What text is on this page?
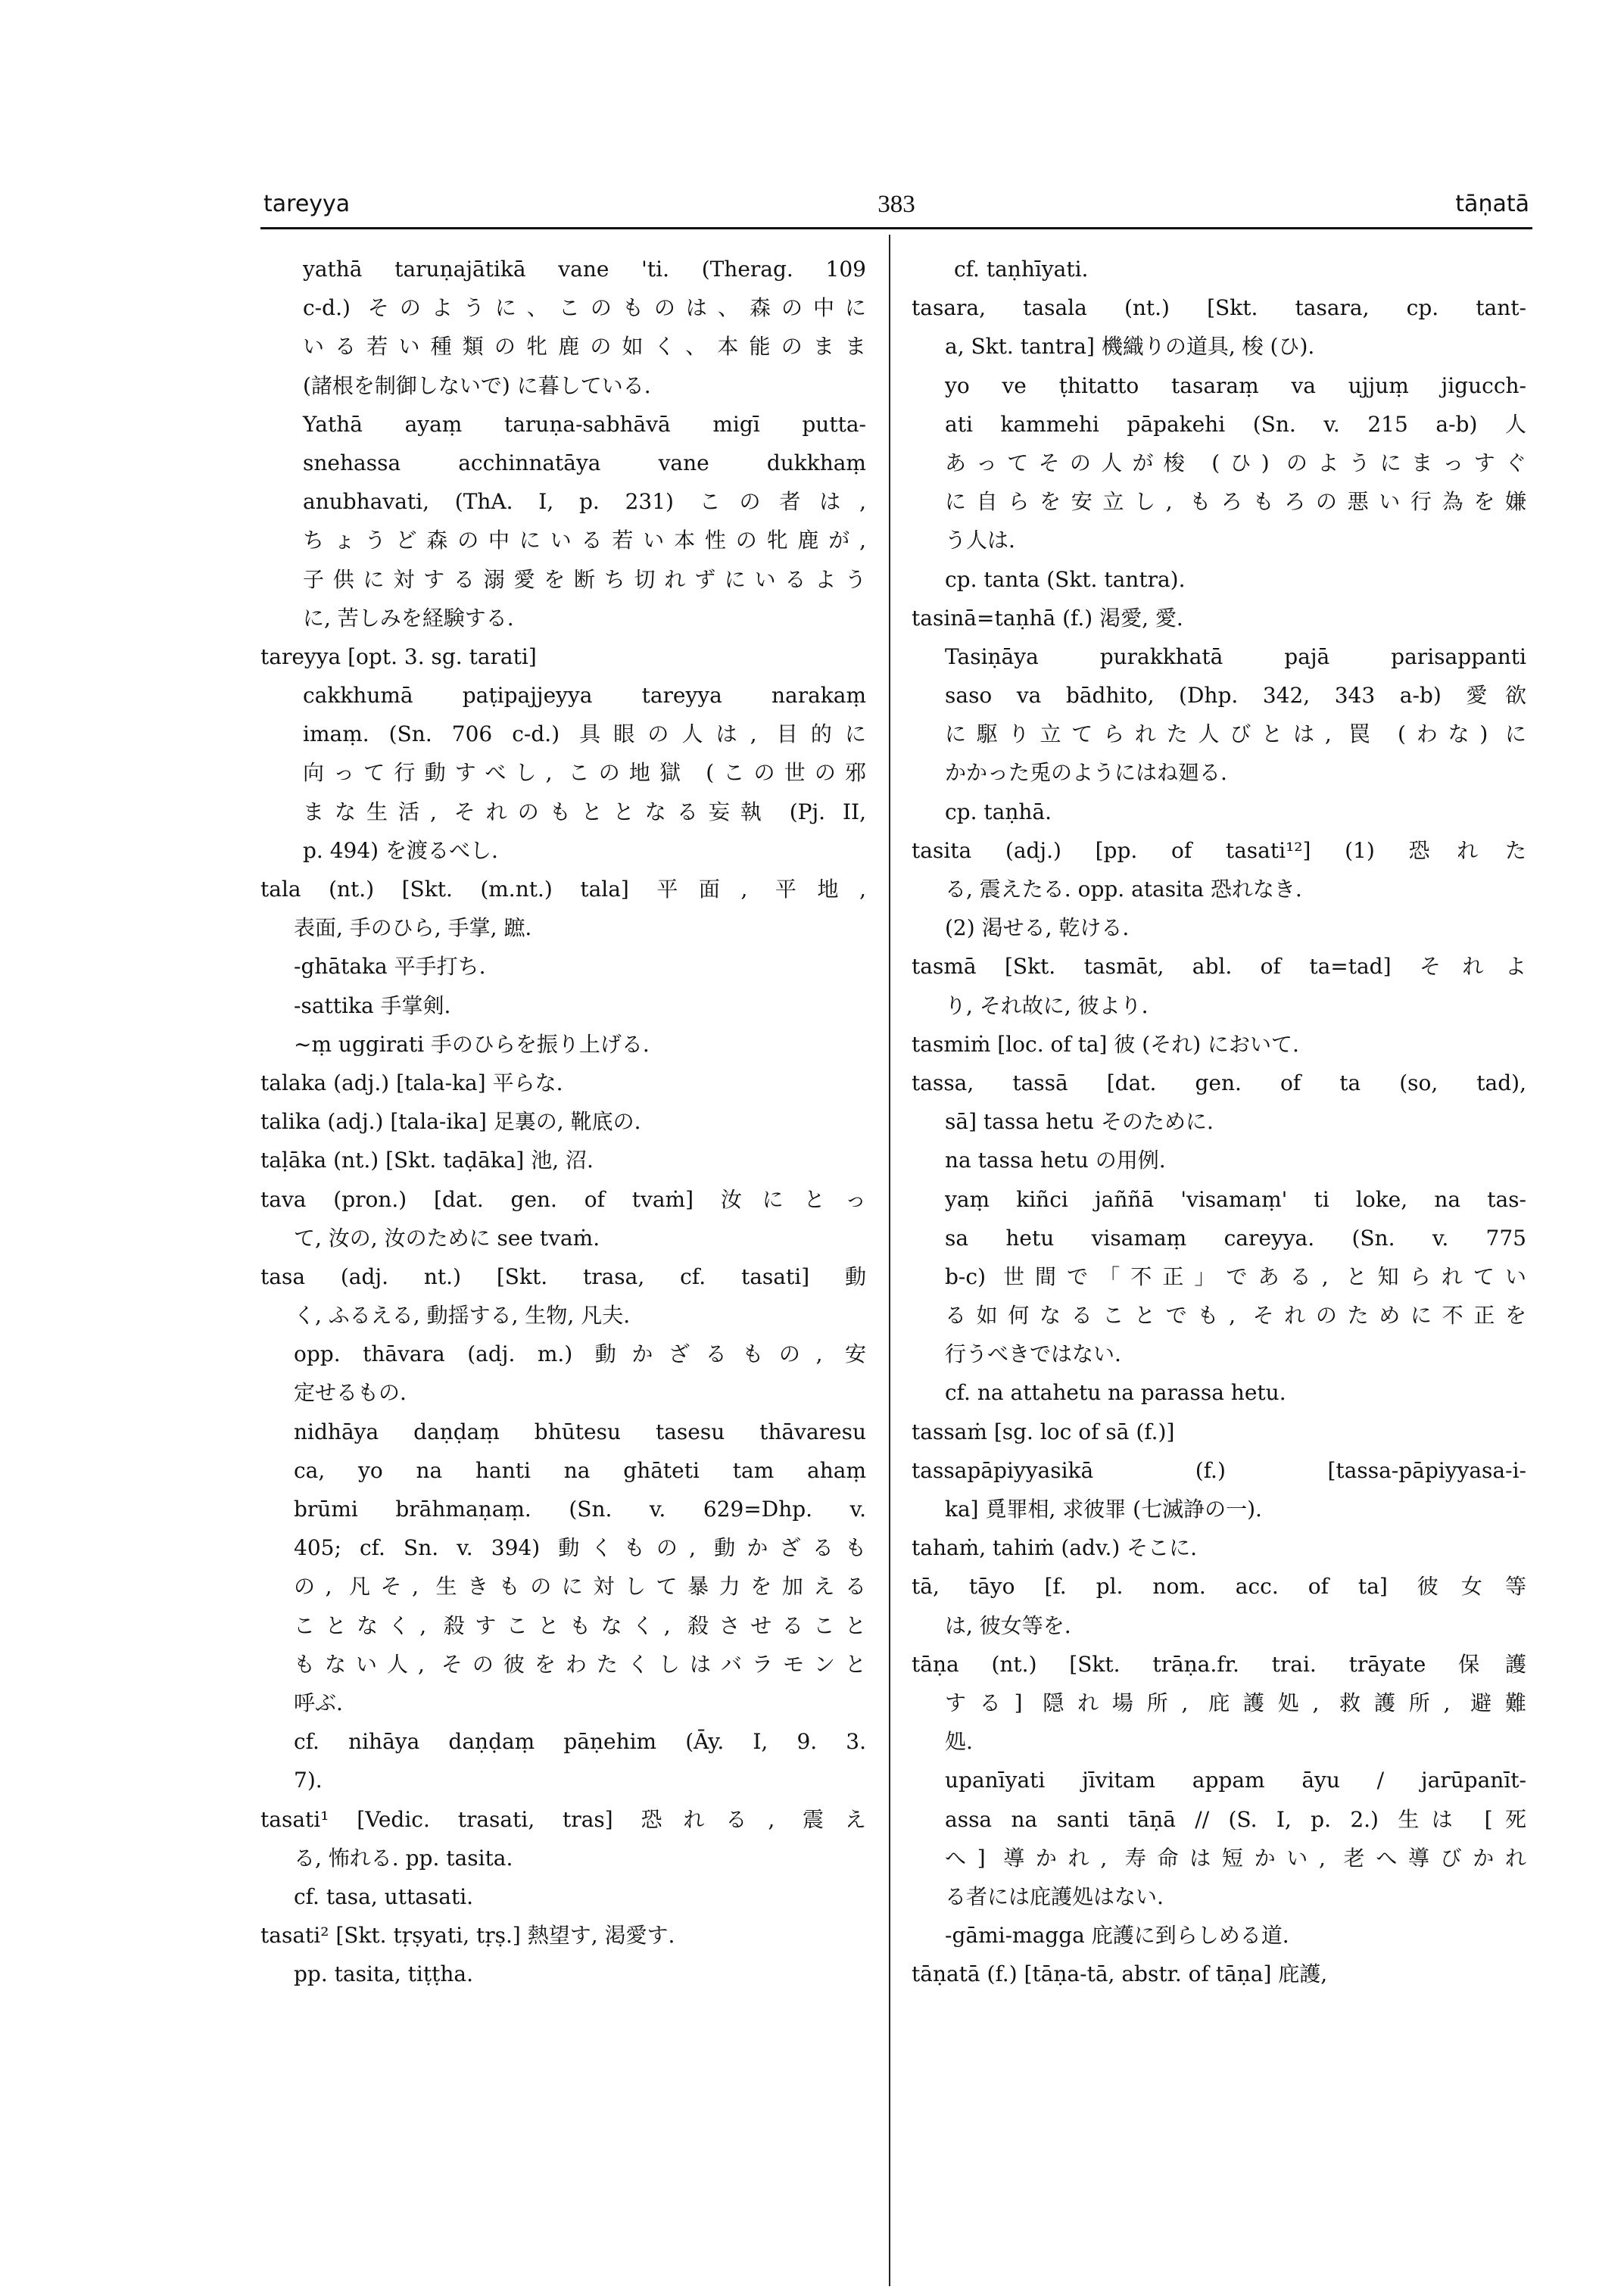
tareyya	383	tāṇatā
yathā taruṇajātikā vane 'ti. (Therag. 109
c-d.) そのように、このものは、森の中に
いる若い種類の牝鹿の如く、本能のまま
(諸根を制御しないで) に暮している.
Yathā ayaṃ taruṇa-sabhāvā migī putta-
snehassa acchinnatāya vane dukkhaṃ
anubhavati, (ThA. I, p. 231) この者は,
ちょうど森の中にいる若い本性の牝鹿が,
子供に対する溺愛を断ち切れずにいるよう
に, 苦しみを経験する.
tareyya [opt. 3. sg. tarati]
cakkhumā paṭipajjeyya tareyya narakaṃ
imaṃ. (Sn. 706 c-d.) 具眼の人は, 目的に
向って行動すべし, この地獄 (この世の邪
まな生活, それのもととなる妄執 (Pj. II,
p. 494) を渡るべし.
tala (nt.) [Skt. (m.nt.) tala] 平面, 平地,
表面, 手のひら, 手掌, 蹠.
-ghātaka 平手打ち.
-sattika 手掌剣.
~ṃ uggirati 手のひらを振り上げる.
talaka (adj.) [tala-ka] 平らな.
talika (adj.) [tala-ika] 足裏の, 靴底の.
taḷāka (nt.) [Skt. taḍāka] 池, 沼.
tava (pron.) [dat. gen. of tvaṁ] 汝にとっ
て, 汝の, 汝のために see tvaṁ.
tasa (adj. nt.) [Skt. trasa, cf. tasati] 動
く, ふるえる, 動揺する, 生物, 凡夫.
opp. thāvara (adj. m.) 動かざるもの, 安
定せるもの.
nidhāya daṇḍaṃ bhūtesu tasesu thāvaresu
ca, yo na hanti na ghāteti tam ahaṃ
brūmi brāhmaṇaṃ. (Sn. v. 629=Dhp. v.
405; cf. Sn. v. 394) 動くもの, 動かざるも
の, 凡そ, 生きものに対して暴力を加える
ことなく, 殺すこともなく, 殺させること
もない人, その彼をわたくしはバラモンと
呼ぶ.
cf. nihāya daṇḍaṃ pāṇehim (Āy. I, 9. 3.
7).
tasati¹ [Vedic. trasati, tras] 恐れる, 震え
る, 怖れる. pp. tasita.
cf. tasa, uttasati.
tasati² [Skt. tṛṣyati, tṛṣ.] 熱望す, 渇愛す.
pp. tasita, tiṭṭha.
cf. taṇhīyati.
tasara, tasala (nt.) [Skt. tasara, cp. tant-
a, Skt. tantra] 機織りの道具, 梭 (ひ).
yo ve ṭhitatto tasaraṃ va ujjuṃ jigucch-
ati kammehi pāpakehi (Sn. v. 215 a-b) 人
あってその人が梭 (ひ) のようにまっすぐ
に自らを安立し, もろもろの悪い行為を嫌
う人は.
cp. tanta (Skt. tantra).
tasinā=taṇhā (f.) 渇愛, 愛.
Tasiṇāya purakkhatā pajā parisappanti
saso va bādhito, (Dhp. 342, 343 a-b) 愛欲
に駆り立てられた人びとは, 罠 (わな) に
かかった兎のようにはね廻る.
cp. taṇhā.
tasita (adj.) [pp. of tasati¹²] (1) 恐れた
る, 震えたる. opp. atasita 恐れなき.
(2) 渇せる, 乾ける.
tasmā [Skt. tasmāt, abl. of ta=tad] それよ
り, それ故に, 彼より.
tasmiṁ [loc. of ta] 彼 (それ) において.
tassa, tassā [dat. gen. of ta (so, tad),
sā] tassa hetu そのために.
na tassa hetu の用例.
yaṃ kiñci jaññā 'visamaṃ' ti loke, na tas-
sa hetu visamaṃ careyya. (Sn. v. 775
b-c) 世間で「不正」である, と知られてい
る如何なることでも, それのために不正を
行うべきではない.
cf. na attahetu na parassa hetu.
tassaṁ [sg. loc of sā (f.)]
tassapāpiyyasikā (f.) [tassa-pāpiyyasa-i-
ka] 覓罪相, 求彼罪 (七滅諍の一).
tahaṁ, tahiṁ (adv.) そこに.
tā, tāyo [f. pl. nom. acc. of ta] 彼女等
は, 彼女等を.
tāṇa (nt.) [Skt. trāṇa.fr. trai. trāyate 保護
する] 隠れ場所, 庇護処, 救護所, 避難
処.
upanīyati jīvitam appam āyu / jarūpanīt-
assa na santi tāṇā // (S. I, p. 2.) 生は [死
へ] 導かれ, 寿命は短かい, 老へ導びかれ
る者には庇護処はない.
-gāmi-magga 庇護に到らしめる道.
tāṇatā (f.) [tāṇa-tā, abstr. of tāṇa] 庇護,
